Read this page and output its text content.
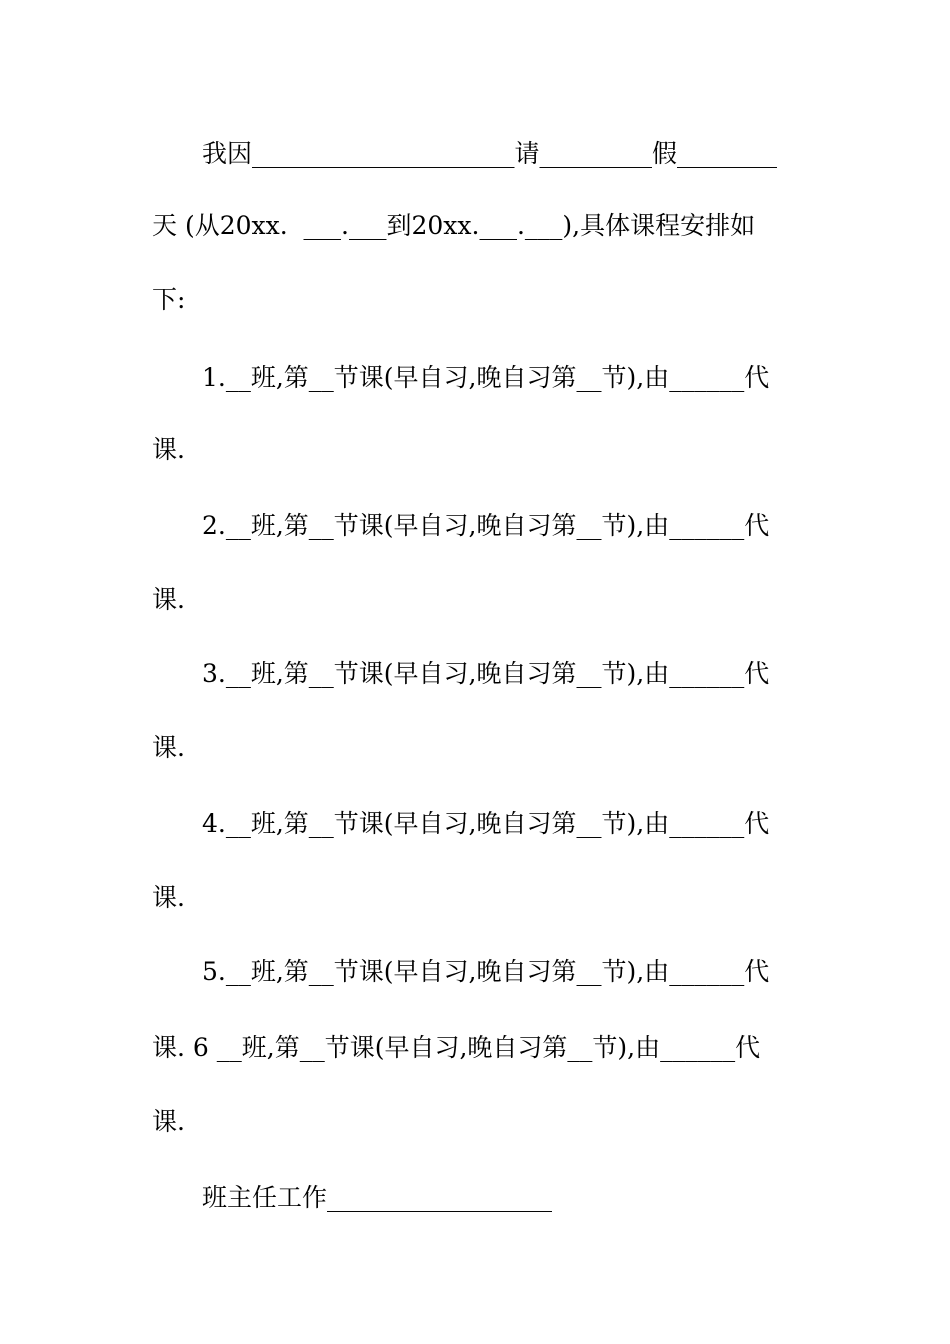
我因_____________________请_________假________
天 (从20xx.  ___.___到20xx.___.___),具体课程安排如
下:
1.__班,第__节课(早自习,晚自习第__节),由______代
课.
2.__班,第__节课(早自习,晚自习第__节),由______代
课.
3.__班,第__节课(早自习,晚自习第__节),由______代
课.
4.__班,第__节课(早自习,晚自习第__节),由______代
课.
5.__班,第__节课(早自习,晚自习第__节),由______代
课. 6 __班,第__节课(早自习,晚自习第__节),由______代
课.
班主任工作__________________
